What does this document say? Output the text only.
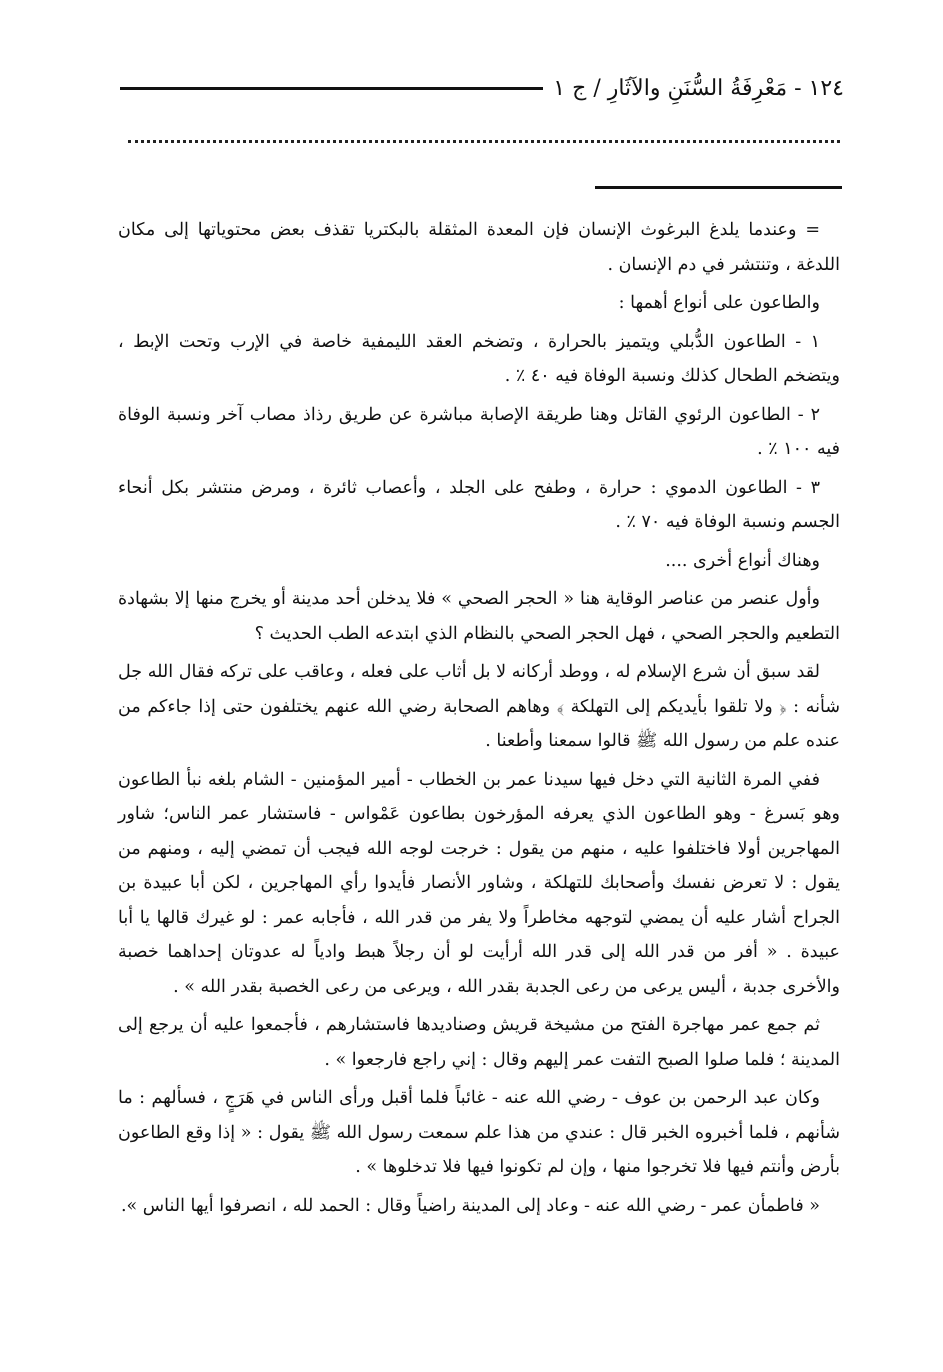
١٢٤ - مَعْرِفَةُ السُّنَنِ والآثَارِ / ج ١

= وعندما يلدغ البرغوث الإنسان فإن المعدة المثقلة بالبكتريا تقذف بعض محتوياتها إلى مكان اللدغة ، وتنتشر في دم الإنسان .

والطاعون على أنواع أهمها :

١ - الطاعون الدُّبلي ويتميز بالحرارة ، وتضخم العقد الليمفية خاصة في الإرب وتحت الإبط ، ويتضخم الطحال كذلك ونسبة الوفاة فيه ٤٠ ٪ .

٢ - الطاعون الرئوي القاتل وهنا طريقة الإصابة مباشرة عن طريق رذاذ مصاب آخر ونسبة الوفاة فيه ١٠٠ ٪ .

٣ - الطاعون الدموي : حرارة ، وطفح على الجلد ، وأعصاب ثائرة ، ومرض منتشر بكل أنحاء الجسم ونسبة الوفاة فيه ٧٠ ٪ .

وهناك أنواع أخرى ....

وأول عنصر من عناصر الوقاية هنا « الحجر الصحي » فلا يدخلن أحد مدينة أو يخرج منها إلا بشهادة التطعيم والحجر الصحي ، فهل الحجر الصحي بالنظام الذي ابتدعه الطب الحديث ؟

لقد سبق أن شرع الإسلام له ، ووطد أركانه لا بل أثاب على فعله ، وعاقب على تركه فقال الله جل شأنه : ﴿ ولا تلقوا بأيديكم إلى التهلكة ﴾ وهاهم الصحابة رضي الله عنهم يختلفون حتى إذا جاءكم من عنده علم من رسول الله ﷺ قالوا سمعنا وأطعنا .

ففي المرة الثانية التي دخل فيها سيدنا عمر بن الخطاب - أمير المؤمنين - الشام بلغه نبأ الطاعون وهو بَسرغ - وهو الطاعون الذي يعرفه المؤرخون بطاعون عَمْواس - فاستشار عمر الناس؛ شاور المهاجرين أولا فاختلفوا عليه ، منهم من يقول : خرجت لوجه الله فيجب أن تمضي إليه ، ومنهم من يقول : لا تعرض نفسك وأصحابك للتهلكة ، وشاور الأنصار فأيدوا رأي المهاجرين ، لكن أبا عبيدة بن الجراح أشار عليه أن يمضي لتوجهه مخاطراً ولا يفر من قدر الله ، فأجابه عمر : لو غيرك قالها يا أبا عبيدة . « أفر من قدر الله إلى قدر الله أرأيت لو أن رجلاً هبط وادياً له عدوتان إحداهما خصبة والأخرى جدبة ، أليس يرعى من رعى الجدبة بقدر الله ، ويرعى من رعى الخصبة بقدر الله » .

ثم جمع عمر مهاجرة الفتح من مشيخة قريش وصناديدها فاستشارهم ، فأجمعوا عليه أن يرجع إلى المدينة ؛ فلما صلوا الصبح التفت عمر إليهم وقال : إني راجع فارجعوا » .

وكان عبد الرحمن بن عوف - رضي الله عنه - غائباً فلما أقبل ورأى الناس في هَرَجٍ ، فسألهم : ما شأنهم ، فلما أخبروه الخبر قال : عندي من هذا علم سمعت رسول الله ﷺ يقول : « إذا وقع الطاعون بأرض وأنتم فيها فلا تخرجوا منها ، وإن لم تكونوا فيها فلا تدخلوها » .

« فاطمأن عمر - رضي الله عنه - وعاد إلى المدينة راضياً وقال : الحمد لله ، انصرفوا أيها الناس ».
